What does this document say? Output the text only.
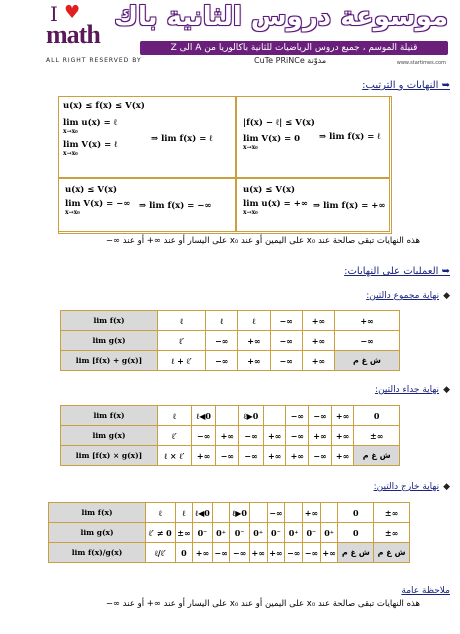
I ♥
math
موسوعة دروس الثانية باك
قنيلة الموسم ، جميع دروس الرياضيات للثانية باكالوريا من A الى Z
ALL RIGHT RESERVED BY	CuTe PRiNCe مدوّنة	www.startimes.com
➥ النهايات و الترتيب:
u(x) ≤ f(x) ≤ V(x)
lim u(x) = ℓ
x→x₀
lim V(x) = ℓ
x→x₀
⇒ lim f(x) = ℓ
|f(x) − ℓ| ≤ V(x)
lim V(x) = 0
x→x₀
⇒ lim f(x) = ℓ
u(x) ≤ V(x)
lim V(x) = −∞
x→x₀
⇒ lim f(x) = −∞
u(x) ≤ V(x)
lim u(x) = +∞
x→x₀
⇒ lim f(x) = +∞
هذه النهايات تبقى صالحة عند x₀ على اليمين أو عند x₀ على اليسار أو عند ∞+ أو عند ∞−
➥ العمليات على النهايات:
◆نهاية مجموع دالتين:
lim f(x)	ℓ	ℓ	ℓ	−∞	+∞	+∞
lim g(x)	ℓ′	−∞	+∞	−∞	+∞	−∞
lim [f(x) + g(x)]	ℓ + ℓ′	−∞	+∞	−∞	+∞	ش غ م
◆نهاية جداء دالتين:
lim f(x)	ℓ	ℓ◀0		ℓ▶0		−∞	−∞	+∞	0
lim g(x)	ℓ′	−∞	+∞	−∞	+∞	−∞	+∞	+∞	±∞
lim [f(x) × g(x)]	ℓ × ℓ′	+∞	−∞	−∞	+∞	+∞	−∞	+∞	ش غ م
◆نهاية خارج دالتين:
lim f(x)	ℓ	ℓ	ℓ◀0		ℓ▶0		−∞		+∞		0	±∞
lim g(x)	ℓ′ ≠ 0	±∞	0⁻	0⁺	0⁻	0⁺	0⁻	0⁺	0⁻	0⁺	0	±∞
lim f(x)/g(x)	ℓ/ℓ′	0	+∞	−∞	−∞	+∞	+∞	−∞	−∞	+∞	ش غ م	ش غ م
ملاحظة عامة
هذه النهايات تبقى صالحة عند x₀ على اليمين أو عند x₀ على اليسار أو عند ∞+ أو عند ∞−
